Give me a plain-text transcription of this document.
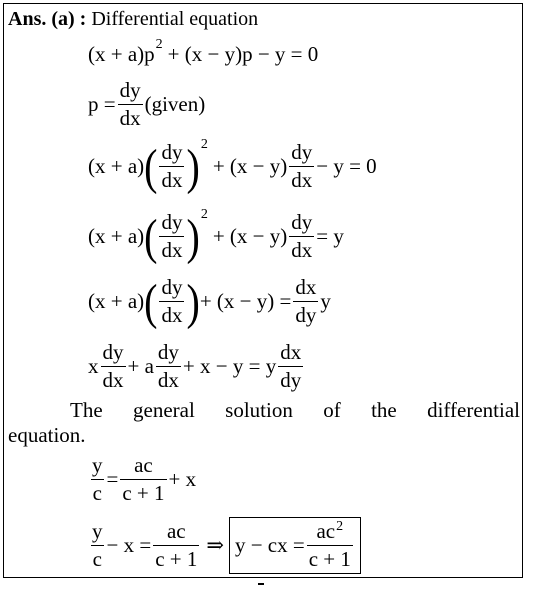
Ans. (a) : Differential equation
(x + a)p 2 + (x − y)p − y = 0
$p = \frac{dy}{dx}$ (given)
(x + a) ( $\frac{dy}{dx}$ ) 2
+ $(x - y) \frac{dy}{dx} - y = 0$
(x + a) ( $\frac{dy}{dx}$ ) 2
+ $(x - y) \frac{dy}{dx} = y$
(x + a) ( $\frac{dy}{dx}$ ) + $(x - y) = \frac{dx}{dy}$ y
x $\frac{dy}{dx} + a \frac{dy}{dx} + x - y = y \frac{dx}{dy}$
The general solution of the differential
equation.
$\frac{y}{c} = \frac{ac}{c + 1} + x$
$\frac{y}{c} - x = \frac{ac}{c + 1}$ ⇒ y − cx = $\frac{ac^2}{c + 1}$
